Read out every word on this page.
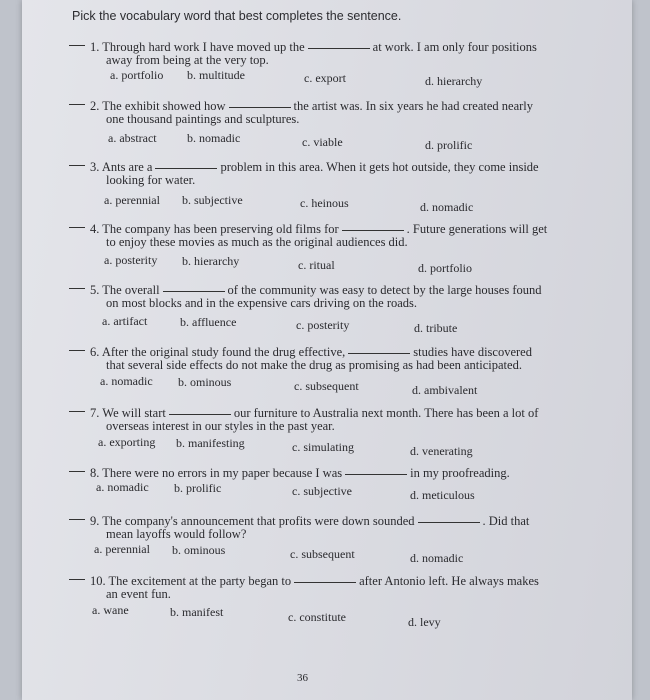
Pick the vocabulary word that best completes the sentence.
1. Through hard work I have moved up the	at work. I am only four positions
away from being at the very top.
a. portfolio b. multitude	c. export	d. hierarchy
2. The exhibit showed how	the artist was. In six years he had created nearly
one thousand paintings and sculptures.
a. abstract	b. nomadic	c. viable	d. prolific
3. Ants are a	problem in this area. When it gets hot outside, they come inside
looking for water.
a. perennial b. subjective	c. heinous	d. nomadic
4. The company has been preserving old films for	. Future generations will get
to enjoy these movies as much as the original audiences did.
a. posterity b. hierarchy	c. ritual	d. portfolio
5. The overall	of the community was easy to detect by the large houses found
on most blocks and in the expensive cars driving on the roads.
a. artifact	b. affluence	c. posterity	d. tribute
6. After the original study found the drug effective,	studies have discovered
that several side effects do not make the drug as promising as had been anticipated.
a. nomadic b. ominous	c. subsequent	d. ambivalent
7. We will start	our furniture to Australia next month. There has been a lot of
overseas interest in our styles in the past year.
a. exporting b. manifesting	c. simulating	d. venerating
8. There were no errors in my paper because I was	in my proofreading.
a. nomadic b. prolific	c. subjective	d. meticulous
9. The company's announcement that profits were down sounded	. Did that
mean layoffs would follow?
a. perennial b. ominous	c. subsequent	d. nomadic
10. The excitement at the party began to	after Antonio left. He always makes
an event fun.
a. wane	b. manifest	c. constitute	d. levy
36
